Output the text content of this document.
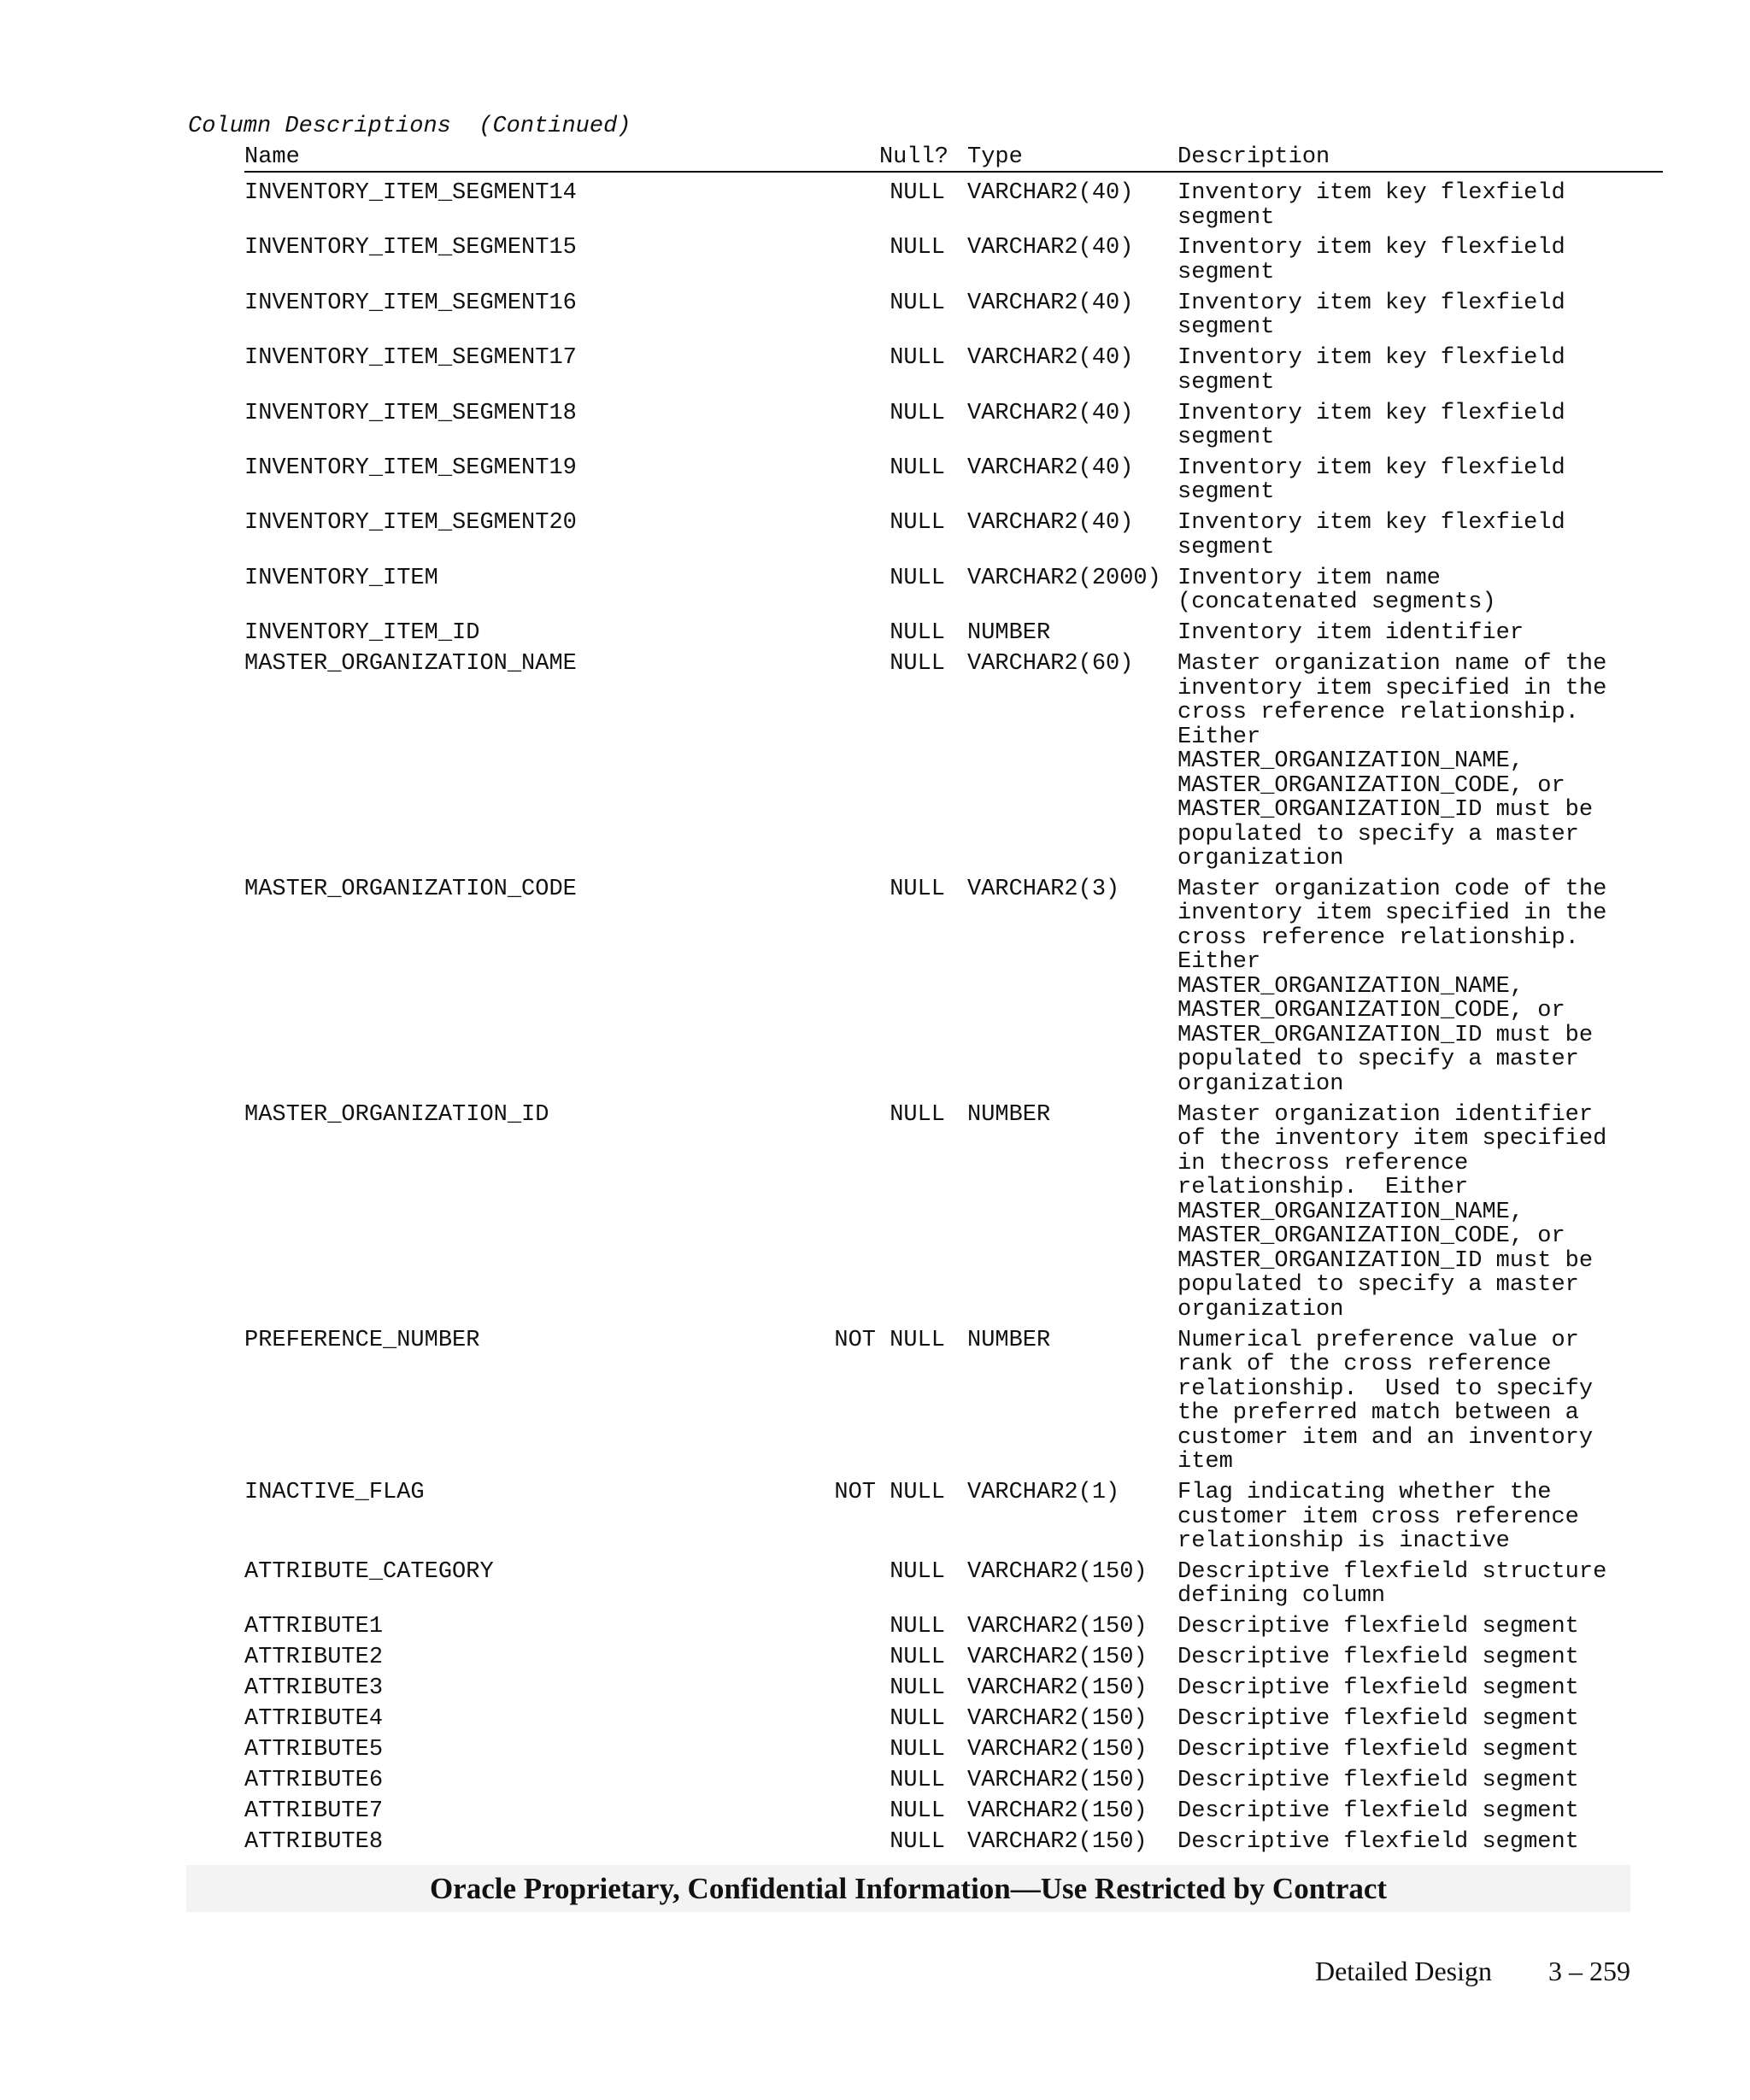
Column Descriptions  (Continued)
Name	Null? Type	Description
INVENTORY_ITEM_SEGMENT14	NULL VARCHAR2(40) Inventory item key flexfield
segment
INVENTORY_ITEM_SEGMENT15	NULL VARCHAR2(40) Inventory item key flexfield
segment
INVENTORY_ITEM_SEGMENT16	NULL VARCHAR2(40) Inventory item key flexfield
segment
INVENTORY_ITEM_SEGMENT17	NULL VARCHAR2(40) Inventory item key flexfield
segment
INVENTORY_ITEM_SEGMENT18	NULL VARCHAR2(40) Inventory item key flexfield
segment
INVENTORY_ITEM_SEGMENT19	NULL VARCHAR2(40) Inventory item key flexfield
segment
INVENTORY_ITEM_SEGMENT20	NULL VARCHAR2(40) Inventory item key flexfield
segment
INVENTORY_ITEM	NULL VARCHAR2(2000) Inventory item name
(concatenated segments)
INVENTORY_ITEM_ID	NULL NUMBER	Inventory item identifier
MASTER_ORGANIZATION_NAME	NULL VARCHAR2(60) Master organization name of the
inventory item specified in the
cross reference relationship.
Either
MASTER_ORGANIZATION_NAME,
MASTER_ORGANIZATION_CODE, or
MASTER_ORGANIZATION_ID must be
populated to specify a master
organization
MASTER_ORGANIZATION_CODE	NULL VARCHAR2(3)	Master organization code of the
inventory item specified in the
cross reference relationship.
Either
MASTER_ORGANIZATION_NAME,
MASTER_ORGANIZATION_CODE, or
MASTER_ORGANIZATION_ID must be
populated to specify a master
organization
MASTER_ORGANIZATION_ID	NULL NUMBER	Master organization identifier
of the inventory item specified
in thecross reference
relationship.  Either
MASTER_ORGANIZATION_NAME,
MASTER_ORGANIZATION_CODE, or
MASTER_ORGANIZATION_ID must be
populated to specify a master
organization
PREFERENCE_NUMBER	NOT NULL NUMBER	Numerical preference value or
rank of the cross reference
relationship.  Used to specify
the preferred match between a
customer item and an inventory
item
INACTIVE_FLAG	NOT NULL VARCHAR2(1)	Flag indicating whether the
customer item cross reference
relationship is inactive
ATTRIBUTE_CATEGORY	NULL VARCHAR2(150) Descriptive flexfield structure
defining column
ATTRIBUTE1	NULL VARCHAR2(150) Descriptive flexfield segment
ATTRIBUTE2	NULL VARCHAR2(150) Descriptive flexfield segment
ATTRIBUTE3	NULL VARCHAR2(150) Descriptive flexfield segment
ATTRIBUTE4	NULL VARCHAR2(150) Descriptive flexfield segment
ATTRIBUTE5	NULL VARCHAR2(150) Descriptive flexfield segment
ATTRIBUTE6	NULL VARCHAR2(150) Descriptive flexfield segment
ATTRIBUTE7	NULL VARCHAR2(150) Descriptive flexfield segment
ATTRIBUTE8	NULL VARCHAR2(150) Descriptive flexfield segment
Oracle Proprietary, Confidential Information––Use Restricted by Contract
Detailed Design	3 – 259
